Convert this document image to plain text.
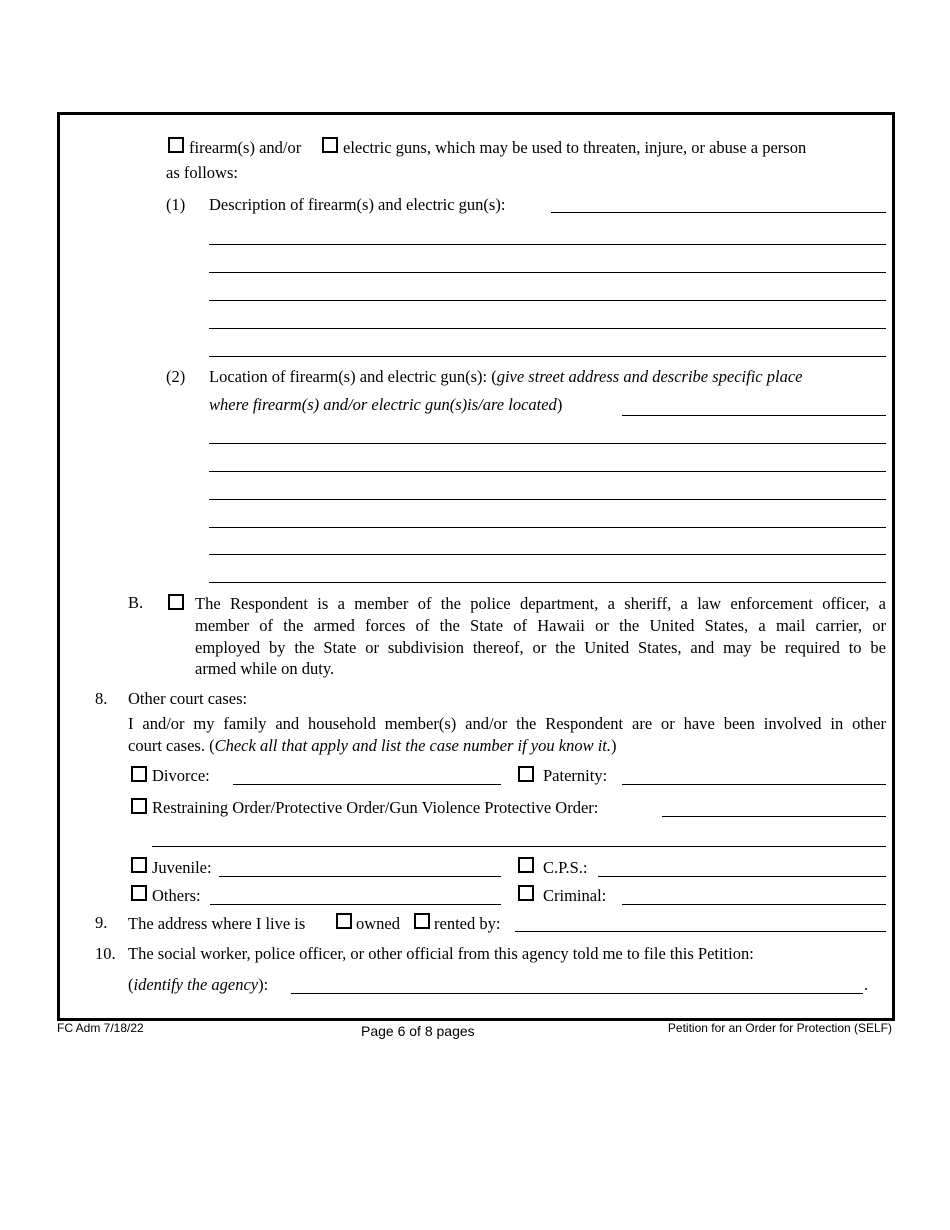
firearm(s) and/or	electric guns, which may be used to threaten, injure, or abuse a person
as follows:
(1) Description of firearm(s) and electric gun(s):
(2) Location of firearm(s) and electric gun(s): (give street address and describe specific place
where firearm(s) and/or electric gun(s)is/are located)
B.	The Respondent is a member of the police department, a sheriff, a law enforcement officer, a
member of the armed forces of the State of Hawaii or the United States, a mail carrier, or
employed by the State or subdivision thereof, or the United States, and may be required to be
armed while on duty.
8. Other court cases:
I and/or my family and household member(s) and/or the Respondent are or have been involved in other
court cases. (Check all that apply and list the case number if you know it.)
Divorce:	Paternity:
Restraining Order/Protective Order/Gun Violence Protective Order:
Juvenile:	C.P.S.:
Others:	Criminal:
9. The address where I live is	owned rented by:
10. The social worker, police officer, or other official from this agency told me to file this Petition:
(identify the agency):	.
FC Adm 7/18/22	Page 6 of 8 pages	Petition for an Order for Protection (SELF)
